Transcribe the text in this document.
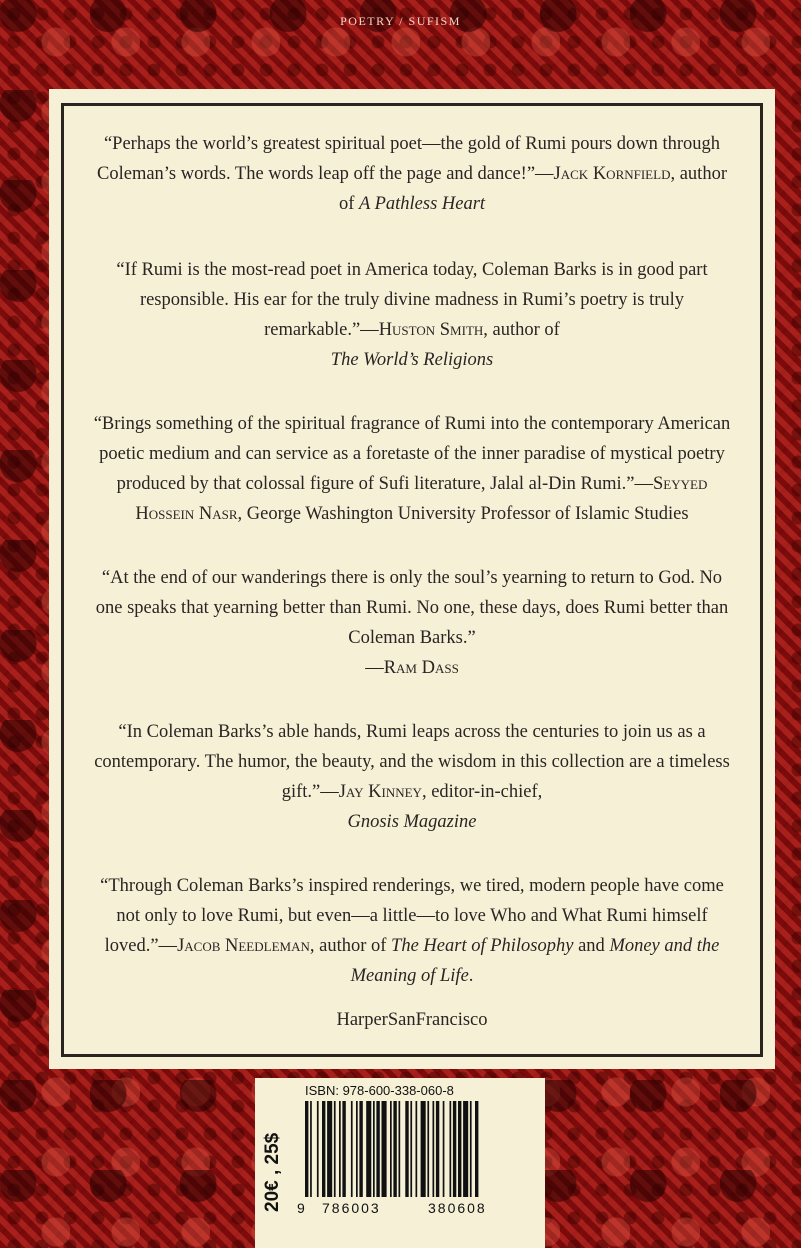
POETRY / SUFISM

“Perhaps the world’s greatest spiritual poet—the gold of Rumi pours down through Coleman’s words. The words leap off the page and dance!”—Jack Kornfield, author of A Pathless Heart

“If Rumi is the most-read poet in America today, Coleman Barks is in good part responsible. His ear for the truly divine madness in Rumi’s poetry is truly remarkable.”—Huston Smith, author of
The World’s Religions

“Brings something of the spiritual fragrance of Rumi into the contemporary American poetic medium and can service as a foretaste of the inner paradise of mystical poetry produced by that colossal figure of Sufi literature, Jalal al-Din Rumi.”—Seyyed Hossein Nasr, George Washington University Professor of Islamic Studies

“At the end of our wanderings there is only the soul’s yearning to return to God. No one speaks that yearning better than Rumi. No one, these days, does Rumi better than Coleman Barks.”
—Ram Dass

“In Coleman Barks’s able hands, Rumi leaps across the centuries to join us as a contemporary. The humor, the beauty, and the wisdom in this collection are a timeless gift.”—Jay Kinney, editor-in-chief,
Gnosis Magazine

“Through Coleman Barks’s inspired renderings, we tired, modern people have come not only to love Rumi, but even—a little—to love Who and What Rumi himself loved.”—Jacob Needleman, author of The Heart of Philosophy and Money and the Meaning of Life.

HarperSanFrancisco
20€ , 25$
ISBN: 978-600-338-060-8
9 786003	380608
